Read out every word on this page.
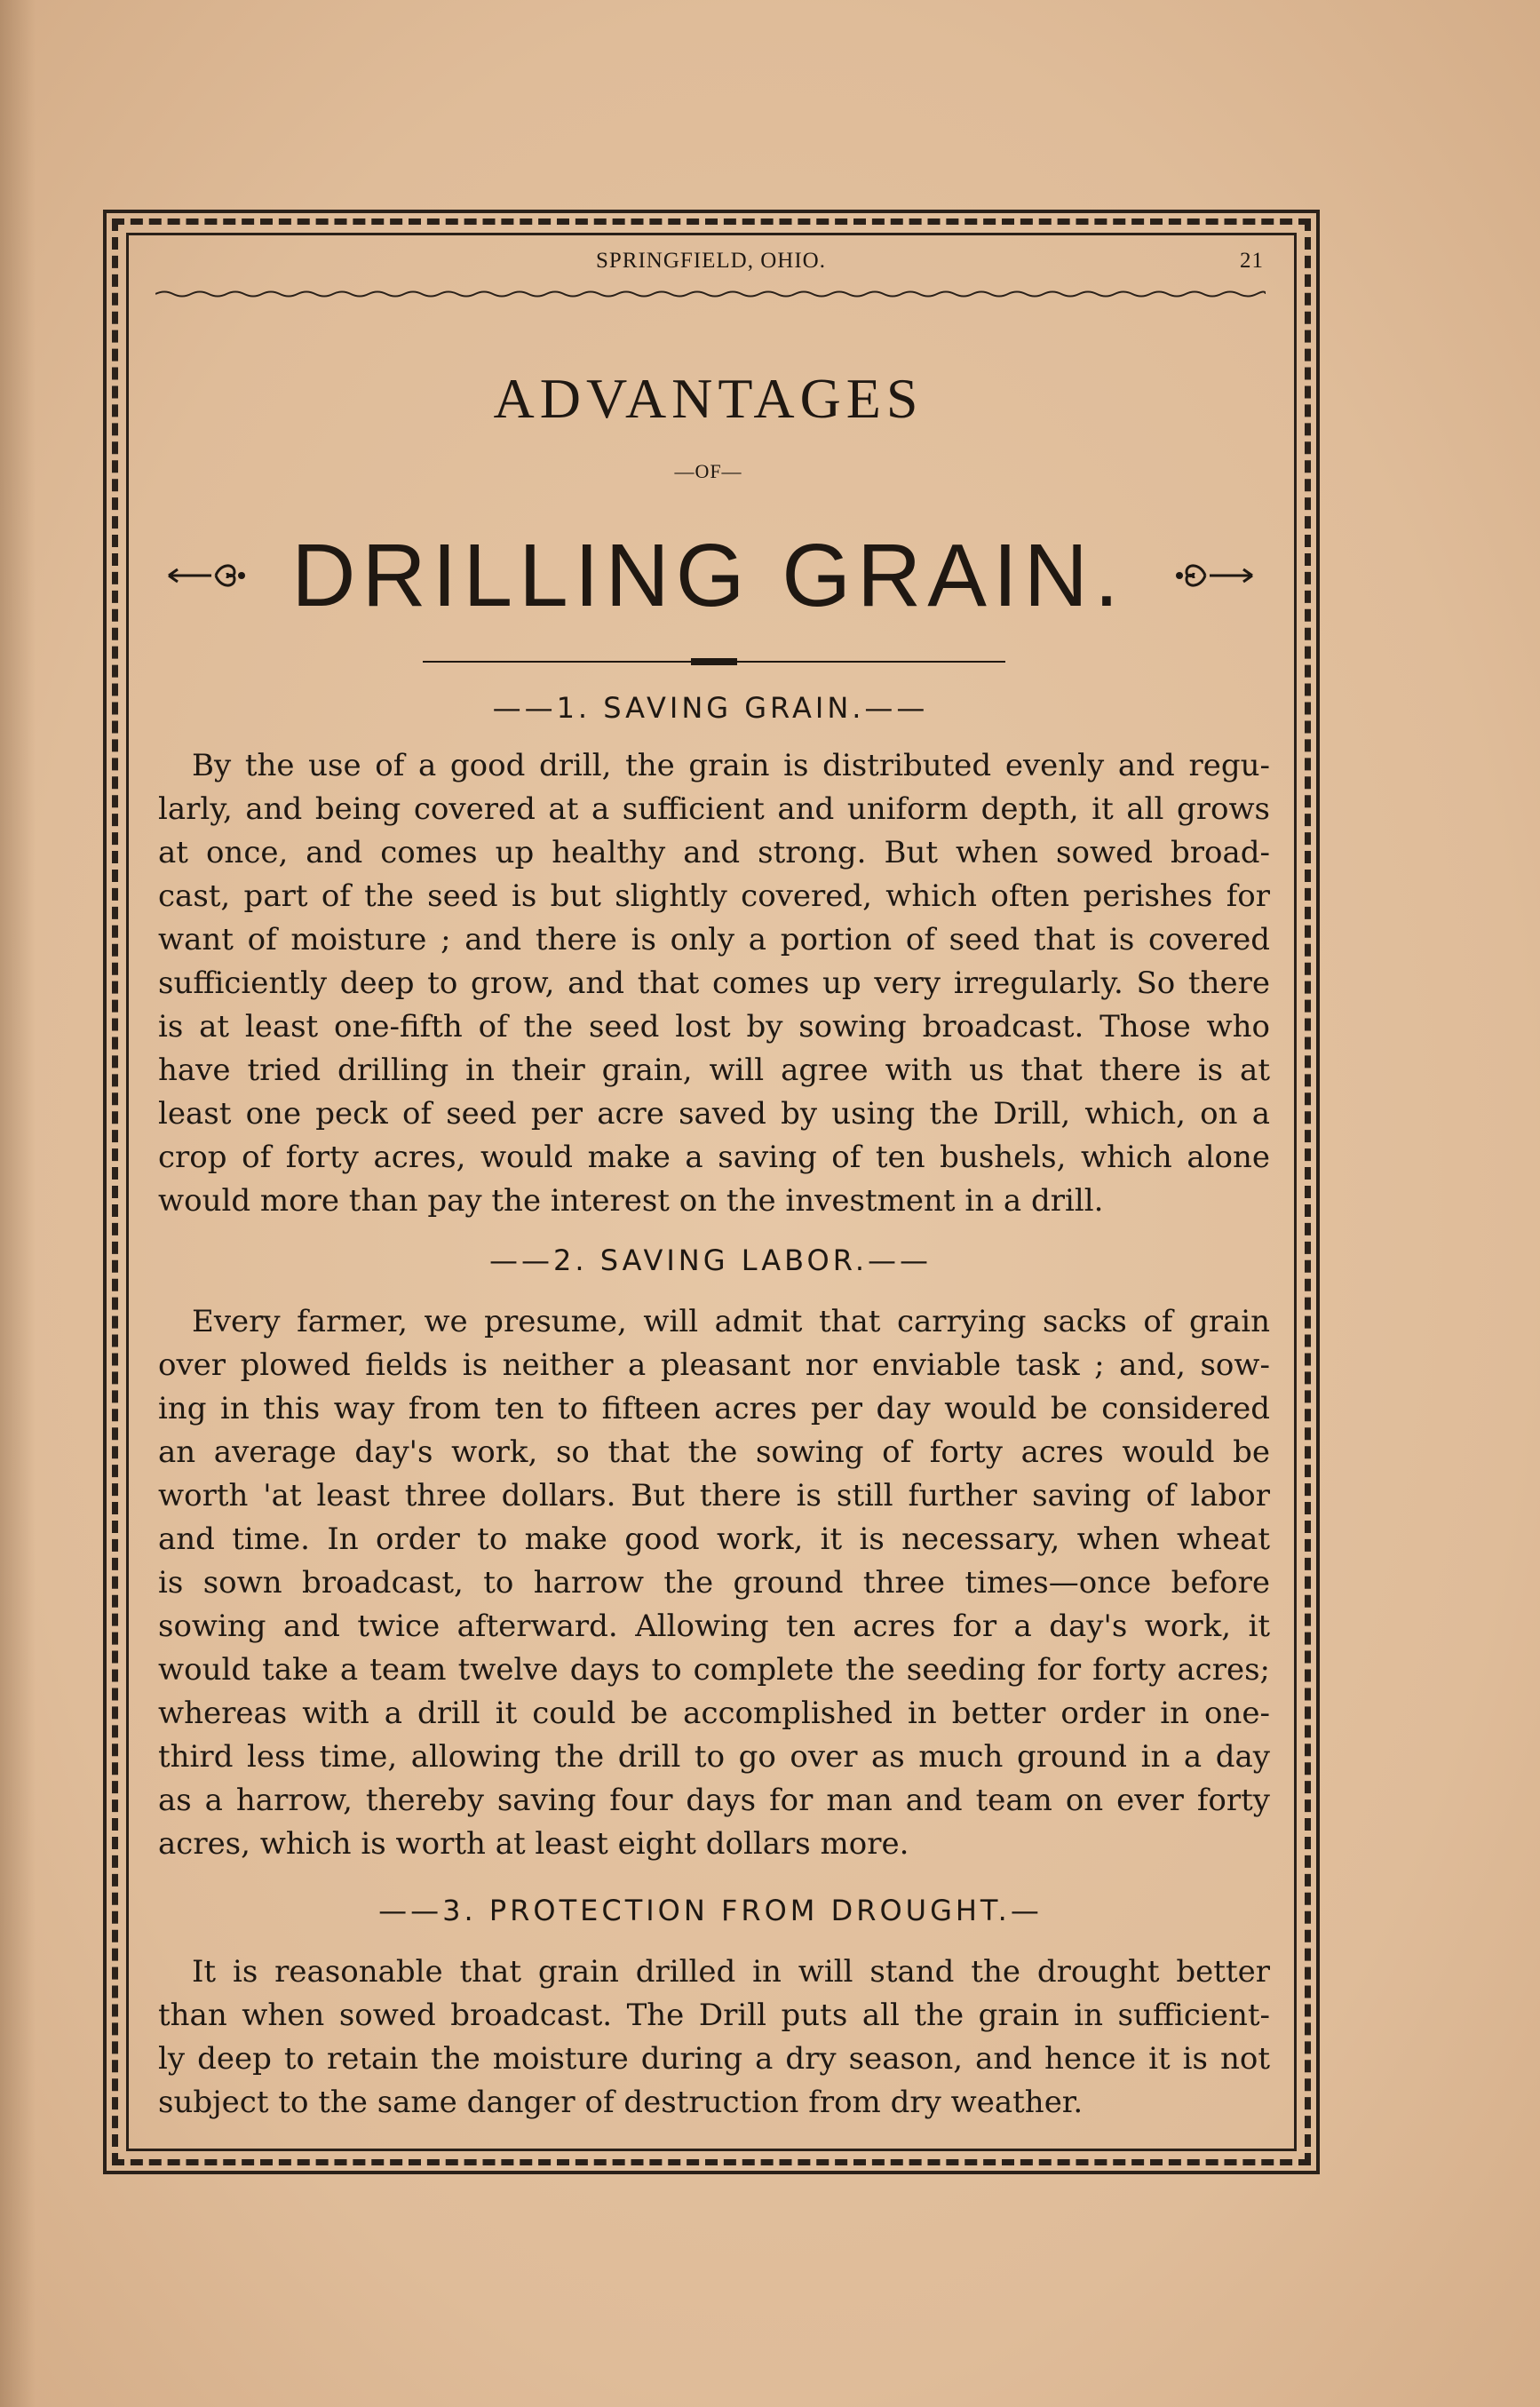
SPRINGFIELD, OHIO.	21
ADVANTAGES
—OF—
DRILLING GRAIN.
——1. SAVING GRAIN.——
By the use of a good drill, the grain is distributed evenly and regu-
larly, and being covered at a sufficient and uniform depth, it all grows
at once, and comes up healthy and strong. But when sowed broad-
cast, part of the seed is but slightly covered, which often perishes for
want of moisture ; and there is only a portion of seed that is covered
sufficiently deep to grow, and that comes up very irregularly. So there
is at least one-fifth of the seed lost by sowing broadcast. Those who
have tried drilling in their grain, will agree with us that there is at
least one peck of seed per acre saved by using the Drill, which, on a
crop of forty acres, would make a saving of ten bushels, which alone
would more than pay the interest on the investment in a drill.
——2. SAVING LABOR.——
Every farmer, we presume, will admit that carrying sacks of grain
over plowed fields is neither a pleasant nor enviable task ; and, sow-
ing in this way from ten to fifteen acres per day would be considered
an average day's work, so that the sowing of forty acres would be
worth 'at least three dollars. But there is still further saving of labor
and time. In order to make good work, it is necessary, when wheat
is sown broadcast, to harrow the ground three times—once before
sowing and twice afterward. Allowing ten acres for a day's work, it
would take a team twelve days to complete the seeding for forty acres;
whereas with a drill it could be accomplished in better order in one-
third less time, allowing the drill to go over as much ground in a day
as a harrow, thereby saving four days for man and team on ever forty
acres, which is worth at least eight dollars more.
——3. PROTECTION FROM DROUGHT.—
It is reasonable that grain drilled in will stand the drought better
than when sowed broadcast. The Drill puts all the grain in sufficient-
ly deep to retain the moisture during a dry season, and hence it is not
subject to the same danger of destruction from dry weather.
